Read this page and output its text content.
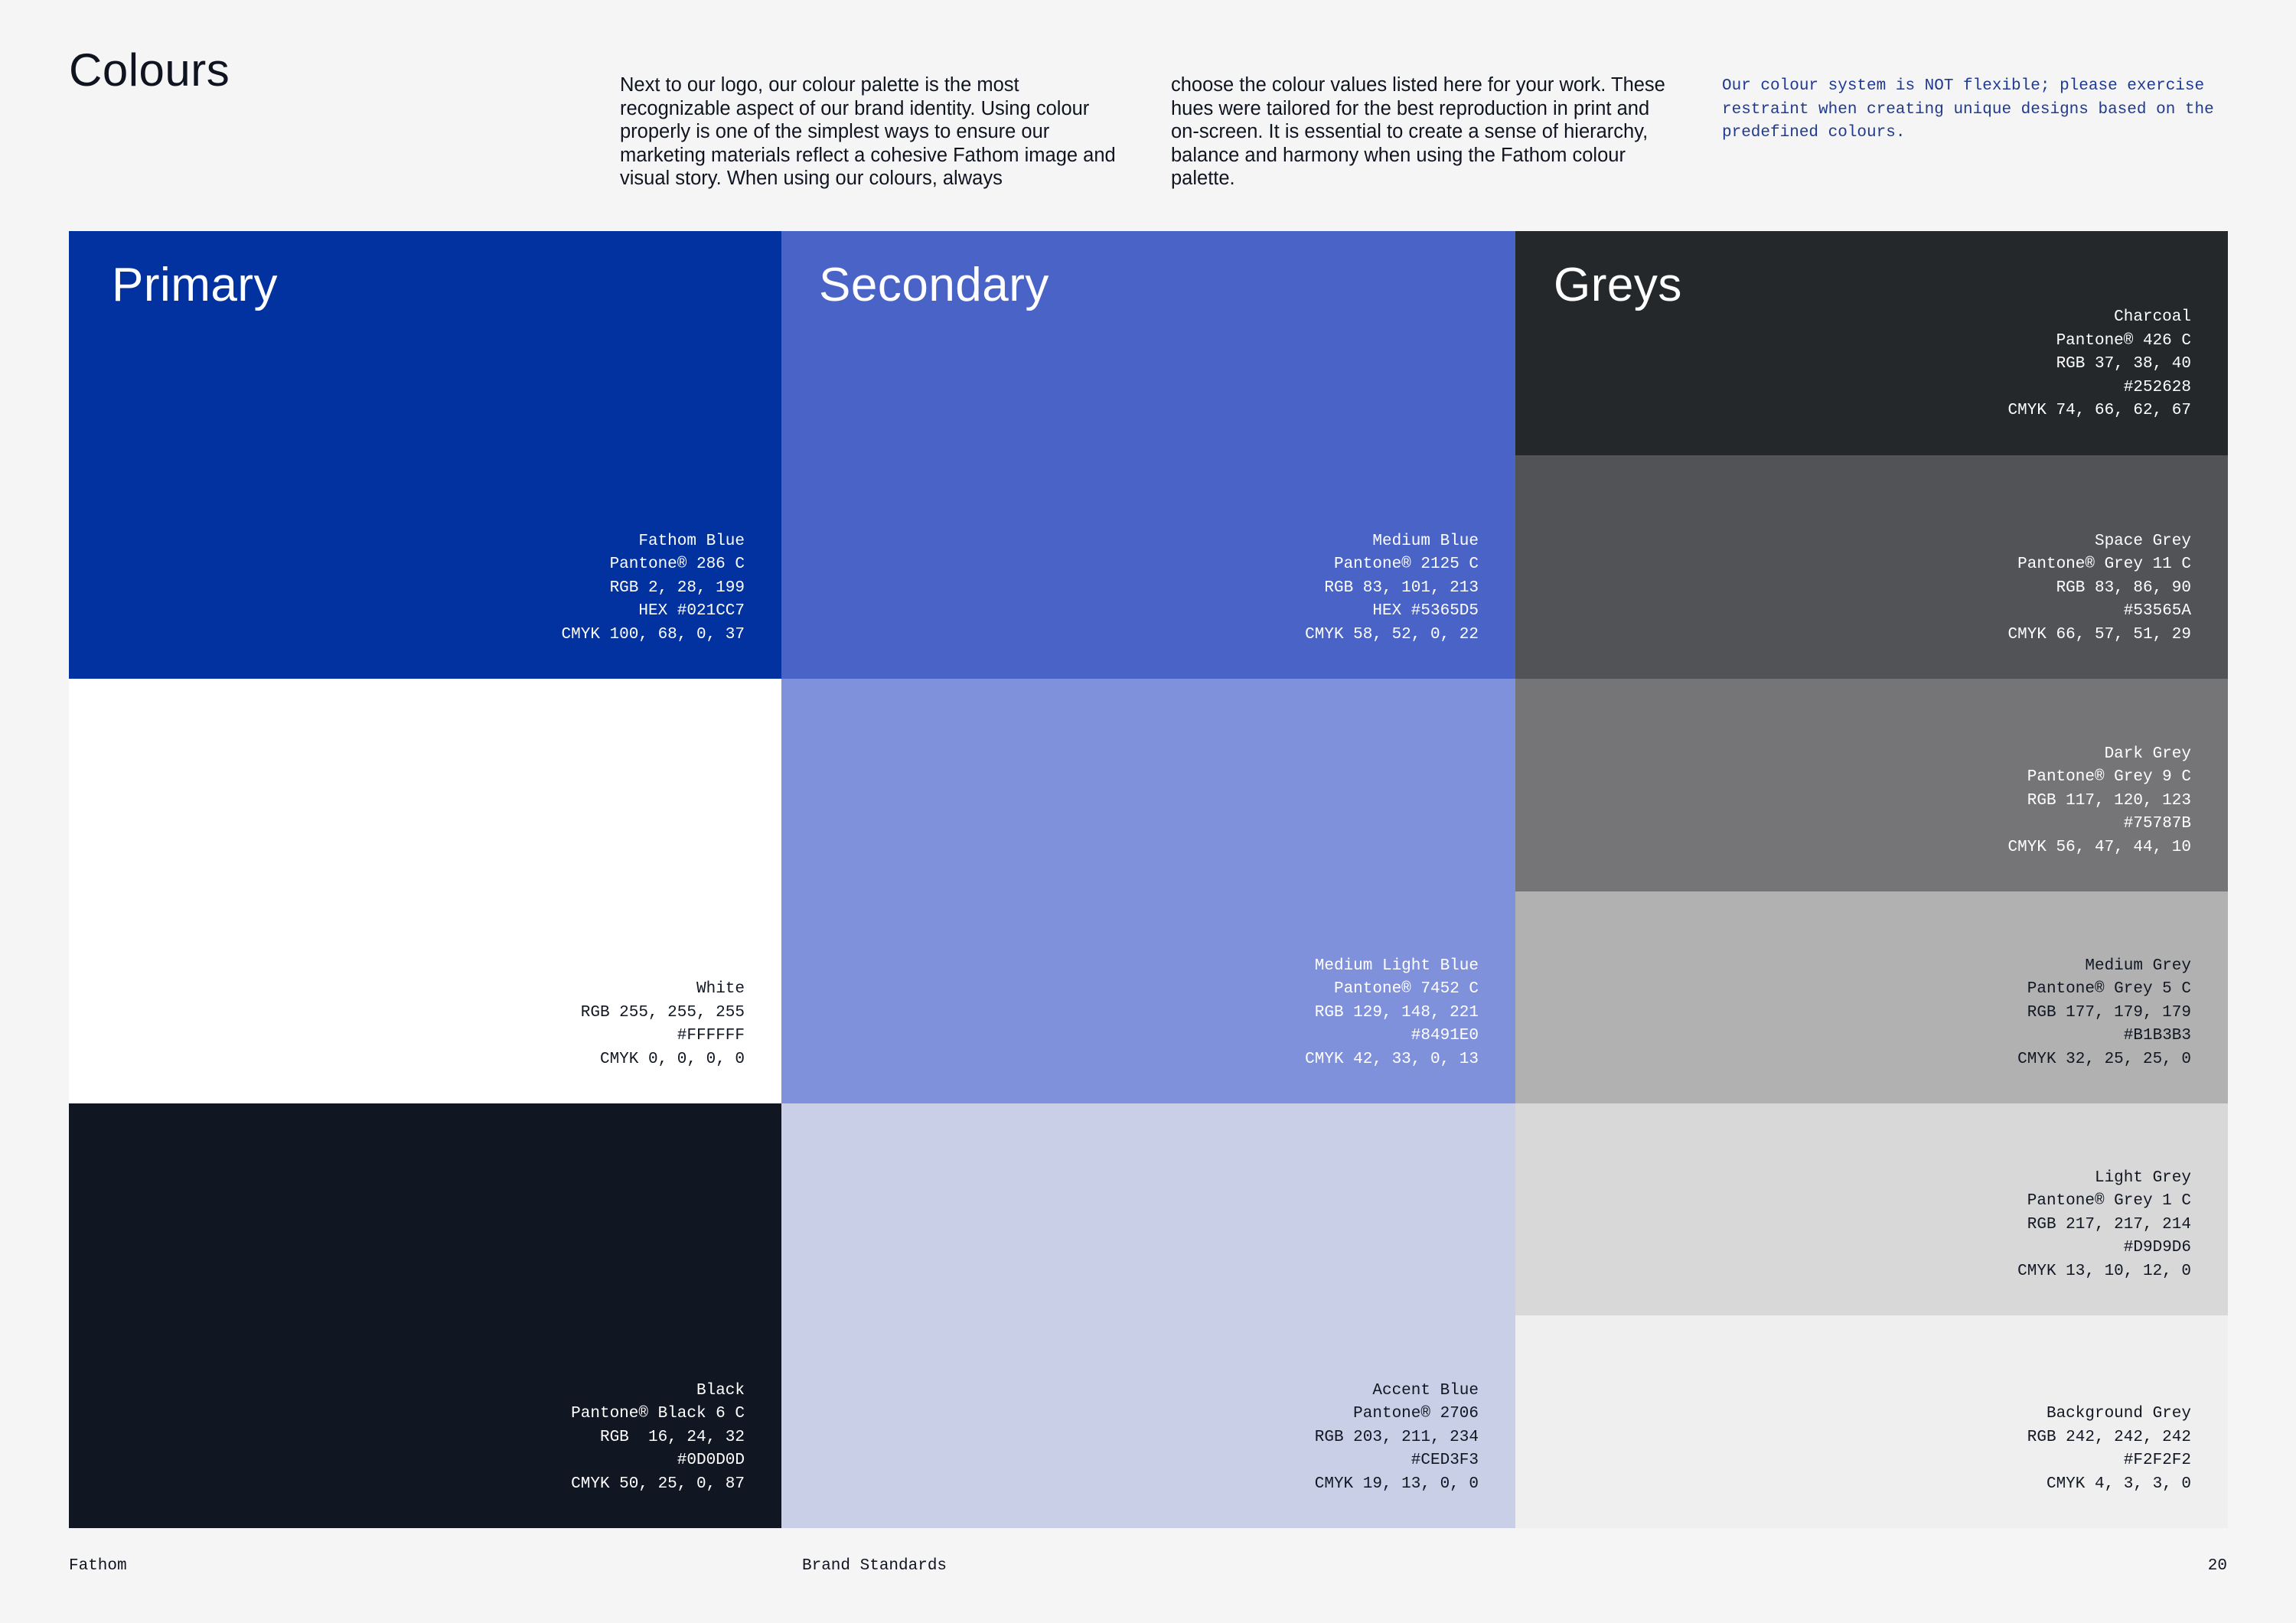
Colours	Next to our logo, our colour palette is the most recognizable aspect of our brand identity. Using colour properly is one of the simplest ways to ensure our marketing materials reflect a cohesive Fathom image and visual story. When using our colours, always

choose the colour values listed here for your work. These hues were tailored for the best reproduction in print and on-screen. It is essential to create a sense of hierarchy, balance and harmony when using the Fathom colour palette.

Our colour system is NOT flexible; please exercise restraint when creating unique designs based on the predefined colours.

Primary

Fathom Blue
Pantone® 286 C
RGB 2, 28, 199
HEX #021CC7
CMYK 100, 68, 0, 37

White
RGB 255, 255, 255
#FFFFFF
CMYK 0, 0, 0, 0

Black
Pantone® Black 6 C
RGB  16, 24, 32
#0D0D0D
CMYK 50, 25, 0, 87

Secondary

Medium Blue
Pantone® 2125 C
RGB 83, 101, 213
HEX #5365D5
CMYK 58, 52, 0, 22

Medium Light Blue
Pantone® 7452 C
RGB 129, 148, 221
#8491E0
CMYK 42, 33, 0, 13

Accent Blue
Pantone® 2706
RGB 203, 211, 234
#CED3F3
CMYK 19, 13, 0, 0

Greys

Charcoal
Pantone® 426 C
RGB 37, 38, 40
#252628
CMYK 74, 66, 62, 67

Space Grey
Pantone® Grey 11 C
RGB 83, 86, 90
#53565A
CMYK 66, 57, 51, 29

Dark Grey
Pantone® Grey 9 C
RGB 117, 120, 123
#75787B
CMYK 56, 47, 44, 10

Medium Grey
Pantone® Grey 5 C
RGB 177, 179, 179
#B1B3B3
CMYK 32, 25, 25, 0

Light Grey
Pantone® Grey 1 C
RGB 217, 217, 214
#D9D9D6
CMYK 13, 10, 12, 0

Background Grey
RGB 242, 242, 242
#F2F2F2
CMYK 4, 3, 3, 0

Fathom	Brand Standards	20
